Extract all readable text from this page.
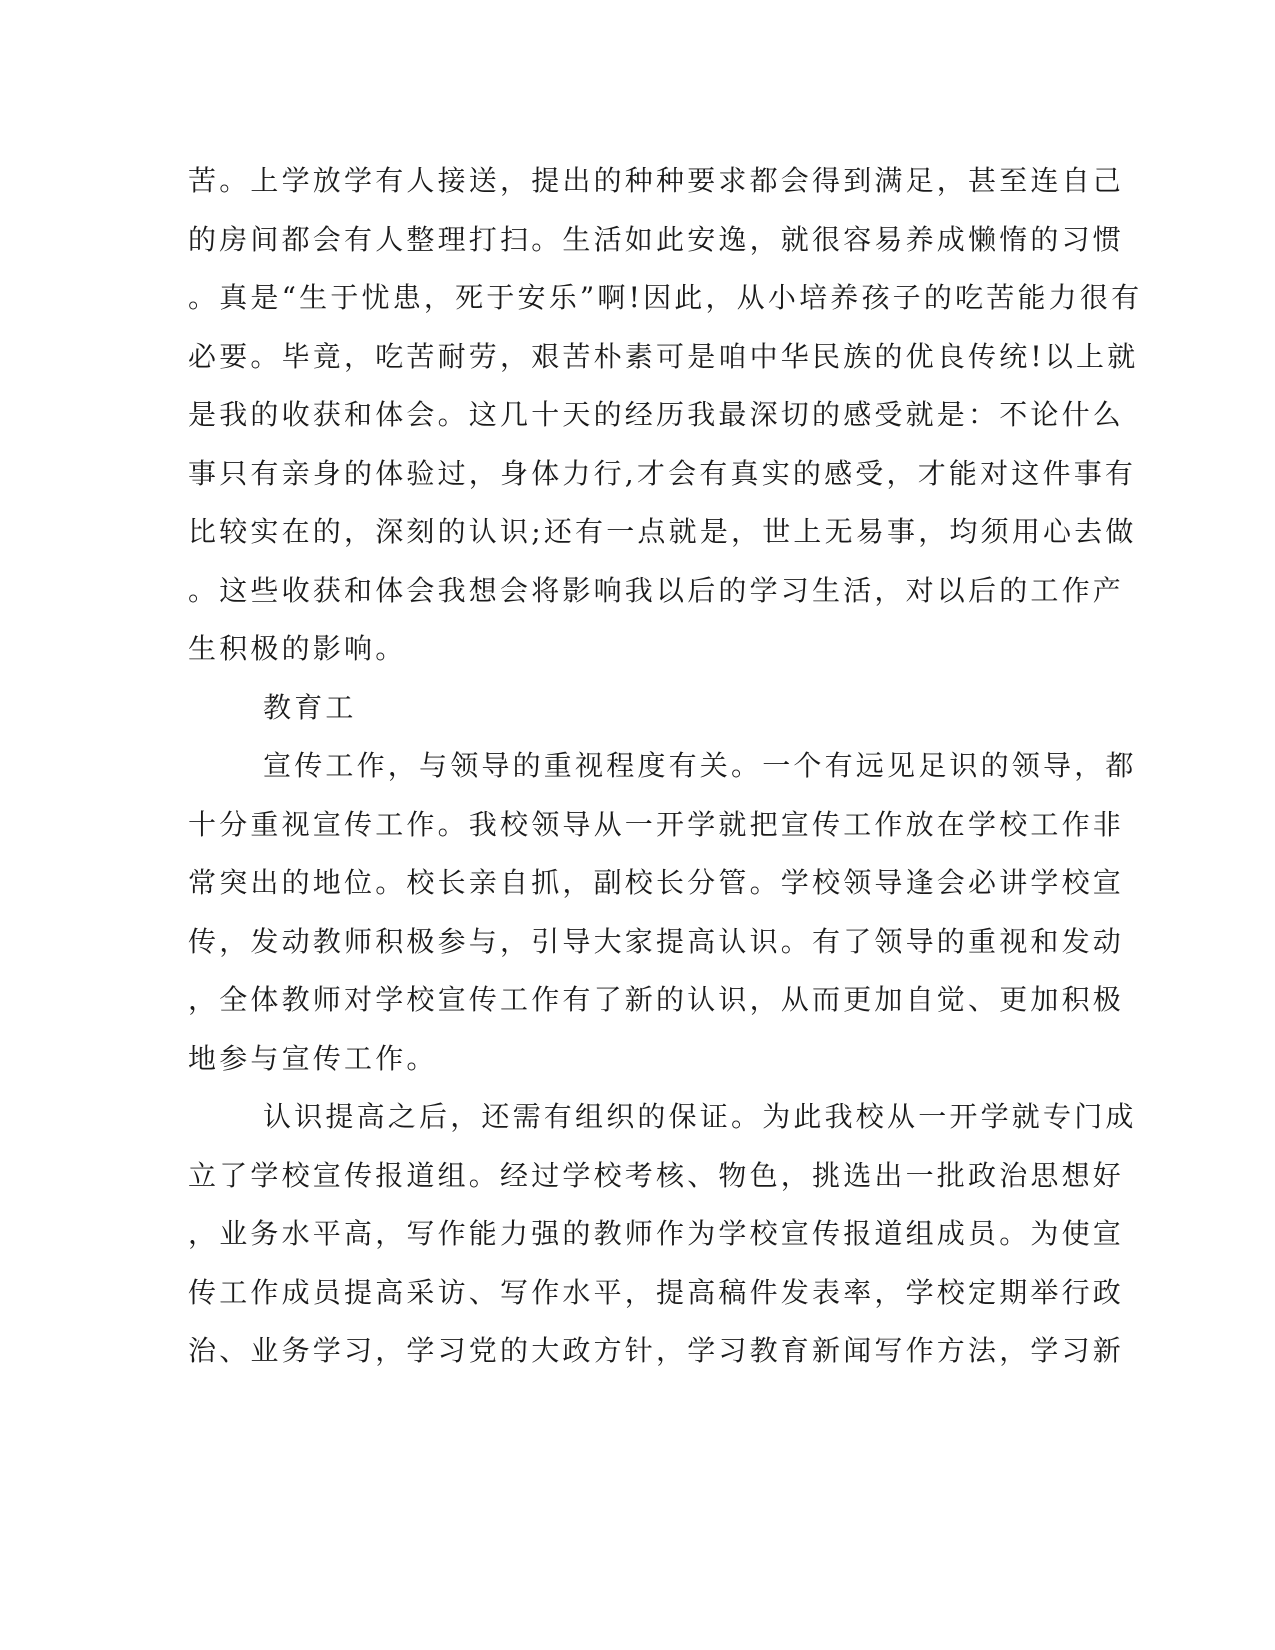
苦。上学放学有人接送，提出的种种要求都会得到满足，甚至连自己
的房间都会有人整理打扫。生活如此安逸，就很容易养成懒惰的习惯
。真是“生于忧患，死于安乐”啊!因此，从小培养孩子的吃苦能力很有
必要。毕竟，吃苦耐劳，艰苦朴素可是咱中华民族的优良传统!以上就
是我的收获和体会。这几十天的经历我最深切的感受就是：不论什么
事只有亲身的体验过，身体力行,才会有真实的感受，才能对这件事有
比较实在的，深刻的认识;还有一点就是，世上无易事，均须用心去做
。这些收获和体会我想会将影响我以后的学习生活，对以后的工作产
生积极的影响。
教育工
宣传工作，与领导的重视程度有关。一个有远见足识的领导，都
十分重视宣传工作。我校领导从一开学就把宣传工作放在学校工作非
常突出的地位。校长亲自抓，副校长分管。学校领导逢会必讲学校宣
传，发动教师积极参与，引导大家提高认识。有了领导的重视和发动
，全体教师对学校宣传工作有了新的认识，从而更加自觉、更加积极
地参与宣传工作。
认识提高之后，还需有组织的保证。为此我校从一开学就专门成
立了学校宣传报道组。经过学校考核、物色，挑选出一批政治思想好
，业务水平高，写作能力强的教师作为学校宣传报道组成员。为使宣
传工作成员提高采访、写作水平，提高稿件发表率，学校定期举行政
治、业务学习，学习党的大政方针，学习教育新闻写作方法，学习新
